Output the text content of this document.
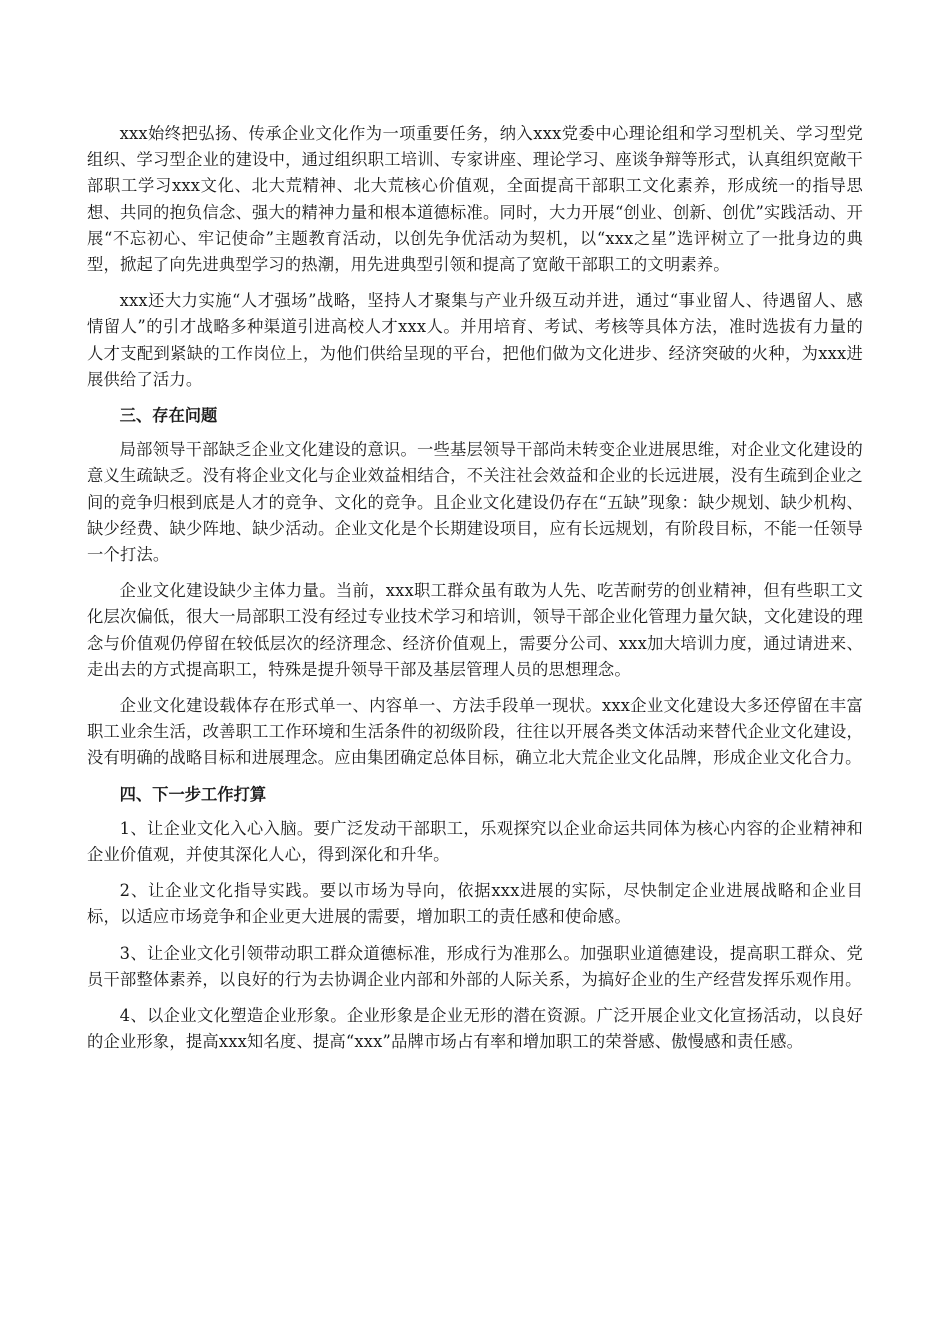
xxx始终把弘扬、传承企业文化作为一项重要任务，纳入xxx党委中心理论组和学习型机关、学习型党组织、学习型企业的建设中，通过组织职工培训、专家讲座、理论学习、座谈争辩等形式，认真组织宽敞干部职工学习xxx文化、北大荒精神、北大荒核心价值观，全面提高干部职工文化素养，形成统一的指导思想、共同的抱负信念、强大的精神力量和根本道德标准。同时，大力开展“创业、创新、创优”实践活动、开展“不忘初心、牢记使命”主题教育活动，以创先争优活动为契机，以“xxx之星”选评树立了一批身边的典型，掀起了向先进典型学习的热潮，用先进典型引领和提高了宽敞干部职工的文明素养。

xxx还大力实施“人才强场”战略，坚持人才聚集与产业升级互动并进，通过“事业留人、待遇留人、感情留人”的引才战略多种渠道引进高校人才xxx人。并用培育、考试、考核等具体方法，准时选拔有力量的人才支配到紧缺的工作岗位上，为他们供给呈现的平台，把他们做为文化进步、经济突破的火种，为xxx进展供给了活力。

三、存在问题

局部领导干部缺乏企业文化建设的意识。一些基层领导干部尚未转变企业进展思维，对企业文化建设的意义生疏缺乏。没有将企业文化与企业效益相结合，不关注社会效益和企业的长远进展，没有生疏到企业之间的竞争归根到底是人才的竞争、文化的竞争。且企业文化建设仍存在“五缺”现象：缺少规划、缺少机构、缺少经费、缺少阵地、缺少活动。企业文化是个长期建设项目，应有长远规划，有阶段目标，不能一任领导一个打法。

企业文化建设缺少主体力量。当前，xxx职工群众虽有敢为人先、吃苦耐劳的创业精神，但有些职工文化层次偏低，很大一局部职工没有经过专业技术学习和培训，领导干部企业化管理力量欠缺，文化建设的理念与价值观仍停留在较低层次的经济理念、经济价值观上，需要分公司、xxx加大培训力度，通过请进来、走出去的方式提高职工，特殊是提升领导干部及基层管理人员的思想理念。

企业文化建设载体存在形式单一、内容单一、方法手段单一现状。xxx企业文化建设大多还停留在丰富职工业余生活，改善职工工作环境和生活条件的初级阶段，往往以开展各类文体活动来替代企业文化建设，没有明确的战略目标和进展理念。应由集团确定总体目标，确立北大荒企业文化品牌，形成企业文化合力。

四、下一步工作打算

1、让企业文化入心入脑。要广泛发动干部职工，乐观探究以企业命运共同体为核心内容的企业精神和企业价值观，并使其深化人心，得到深化和升华。

2、让企业文化指导实践。要以市场为导向，依据xxx进展的实际，尽快制定企业进展战略和企业目标，以适应市场竞争和企业更大进展的需要，增加职工的责任感和使命感。

3、让企业文化引领带动职工群众道德标准，形成行为准那么。加强职业道德建设，提高职工群众、党员干部整体素养，以良好的行为去协调企业内部和外部的人际关系，为搞好企业的生产经营发挥乐观作用。

4、以企业文化塑造企业形象。企业形象是企业无形的潜在资源。广泛开展企业文化宣扬活动，以良好的企业形象，提高xxx知名度、提高“xxx”品牌市场占有率和增加职工的荣誉感、傲慢感和责任感。
